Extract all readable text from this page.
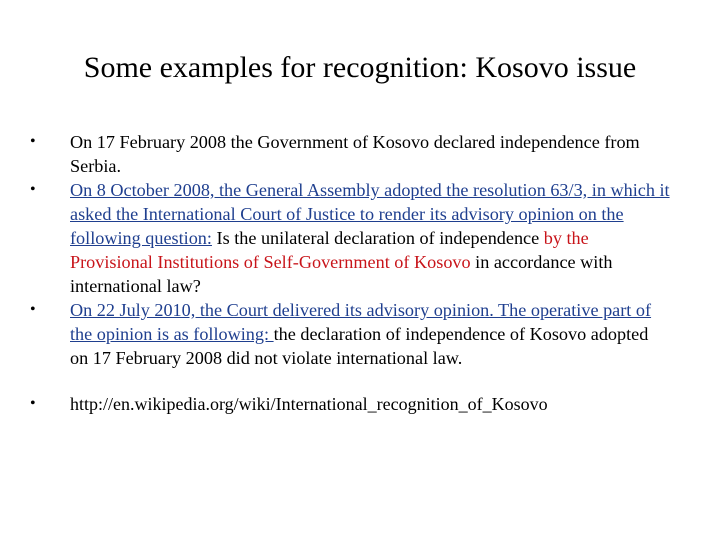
Some examples for recognition: Kosovo issue
•	On 17 February 2008 the Government of Kosovo declared independence from Serbia.
•	On 8 October 2008, the General Assembly adopted the resolution 63/3, in which it asked the International Court of Justice to render its advisory opinion on the following question: Is the unilateral declaration of independence by the Provisional Institutions of Self-Government of Kosovo in accordance with international law?
•	On 22 July 2010, the Court delivered its advisory opinion. The operative part of the opinion is as following: the declaration of independence of Kosovo adopted on 17 February 2008 did not violate international law.
•	http://en.wikipedia.org/wiki/International_recognition_of_Kosovo
